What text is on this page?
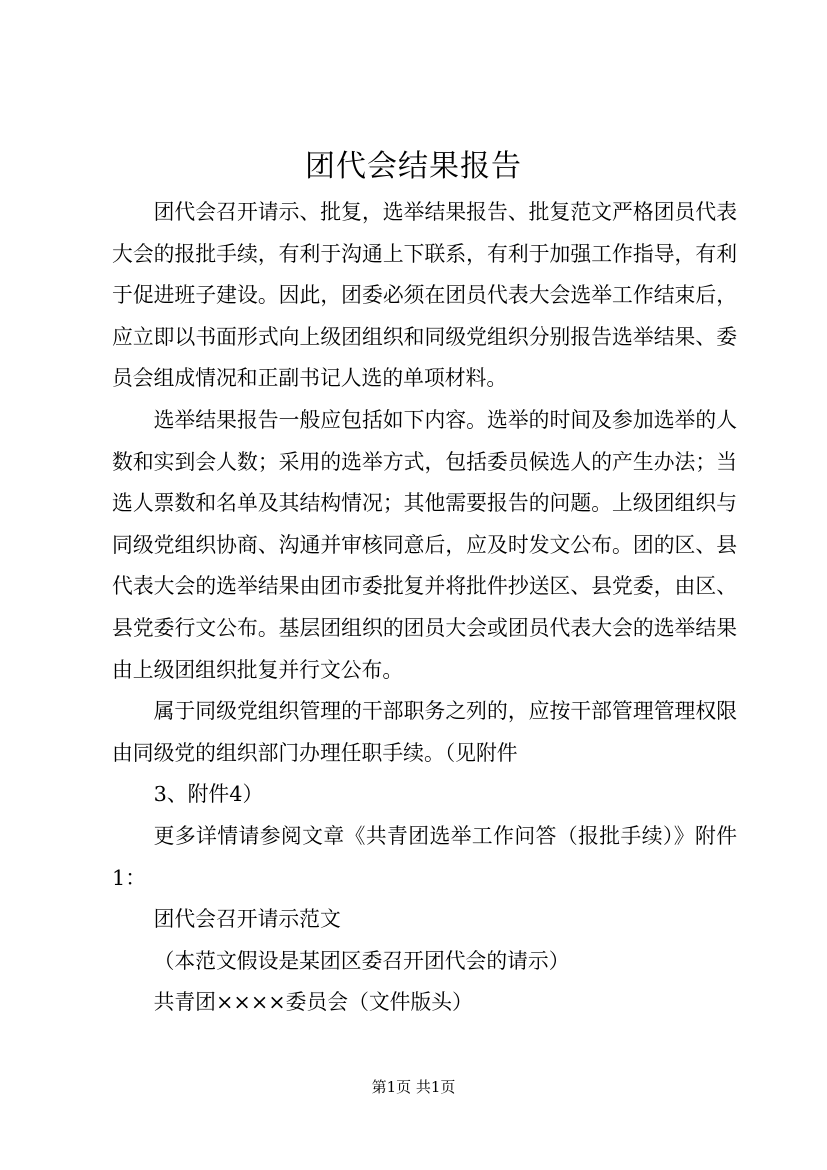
团代会结果报告

团代会召开请示、批复，选举结果报告、批复范文严格团员代表大会的报批手续，有利于沟通上下联系，有利于加强工作指导，有利于促进班子建设。因此，团委必须在团员代表大会选举工作结束后，应立即以书面形式向上级团组织和同级党组织分别报告选举结果、委员会组成情况和正副书记人选的单项材料。

选举结果报告一般应包括如下内容。选举的时间及参加选举的人数和实到会人数；采用的选举方式，包括委员候选人的产生办法；当选人票数和名单及其结构情况；其他需要报告的问题。上级团组织与同级党组织协商、沟通并审核同意后，应及时发文公布。团的区、县代表大会的选举结果由团市委批复并将批件抄送区、县党委，由区、县党委行文公布。基层团组织的团员大会或团员代表大会的选举结果由上级团组织批复并行文公布。

属于同级党组织管理的干部职务之列的，应按干部管理管理权限由同级党的组织部门办理任职手续。（见附件

3、附件4）

更多详情请参阅文章《共青团选举工作问答（报批手续）》附件1：

团代会召开请示范文

（本范文假设是某团区委召开团代会的请示）

共青团××××委员会（文件版头）

第1页 共1页
